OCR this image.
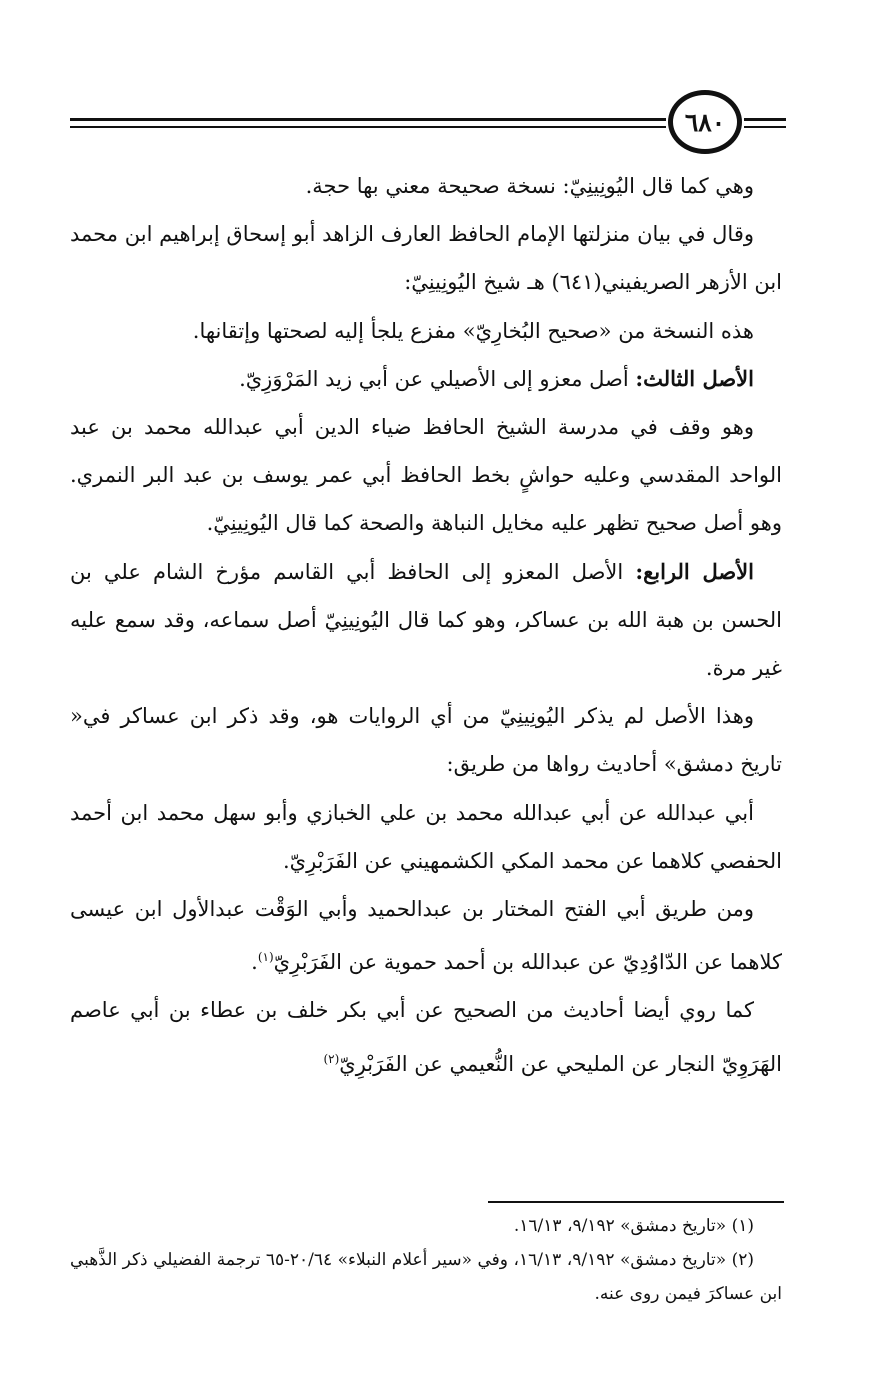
٦٨٠

وهي كما قال اليُونِينِيّ: نسخة صحيحة معني بها حجة.

وقال في بيان منزلتها الإمام الحافظ العارف الزاهد أبو إسحاق إبراهيم ابن محمد ابن الأزهر الصريفيني(٦٤١) هـ شيخ اليُونِينِيّ:

هذه النسخة من «صحيح البُخارِيّ» مفزع يلجأ إليه لصحتها وإتقانها.

الأصل الثالث: أصل معزو إلى الأصيلي عن أبي زيد المَرْوَزِيّ.

وهو وقف في مدرسة الشيخ الحافظ ضياء الدين أبي عبدالله محمد بن عبد الواحد المقدسي وعليه حواشٍ بخط الحافظ أبي عمر يوسف بن عبد البر النمري. وهو أصل صحيح تظهر عليه مخايل النباهة والصحة كما قال اليُونِينِيّ.

الأصل الرابع: الأصل المعزو إلى الحافظ أبي القاسم مؤرخ الشام علي بن الحسن بن هبة الله بن عساكر، وهو كما قال اليُونِينِيّ أصل سماعه، وقد سمع عليه غير مرة.

وهذا الأصل لم يذكر اليُونِينِيّ من أي الروايات هو، وقد ذكر ابن عساكر في« تاريخ دمشق» أحاديث رواها من طريق:

أبي عبدالله عن أبي عبدالله محمد بن علي الخبازي وأبو سهل محمد ابن أحمد الحفصي كلاهما عن محمد المكي الكشمهيني عن الفَرَبْرِيّ.

ومن طريق أبي الفتح المختار بن عبدالحميد وأبي الوَقْت عبدالأول ابن عيسى كلاهما عن الدّاوُدِيّ عن عبدالله بن أحمد حموية عن الفَرَبْرِيّ$^{(١)}$.

كما روي أيضا أحاديث من الصحيح عن أبي بكر خلف بن عطاء بن أبي عاصم الهَرَوِيّ النجار عن المليحي عن النُّعيمي عن الفَرَبْرِيّ$^{(٢)}$

(١) «تاريخ دمشق» ٩/١٩٢، ١٦/١٣.

(٢) «تاريخ دمشق» ٩/١٩٢، ١٦/١٣، وفي «سير أعلام النبلاء» ٢٠/٦٤-٦٥ ترجمة الفضيلي ذكر الذَّهبي ابن عساكرَ فيمن روى عنه.
